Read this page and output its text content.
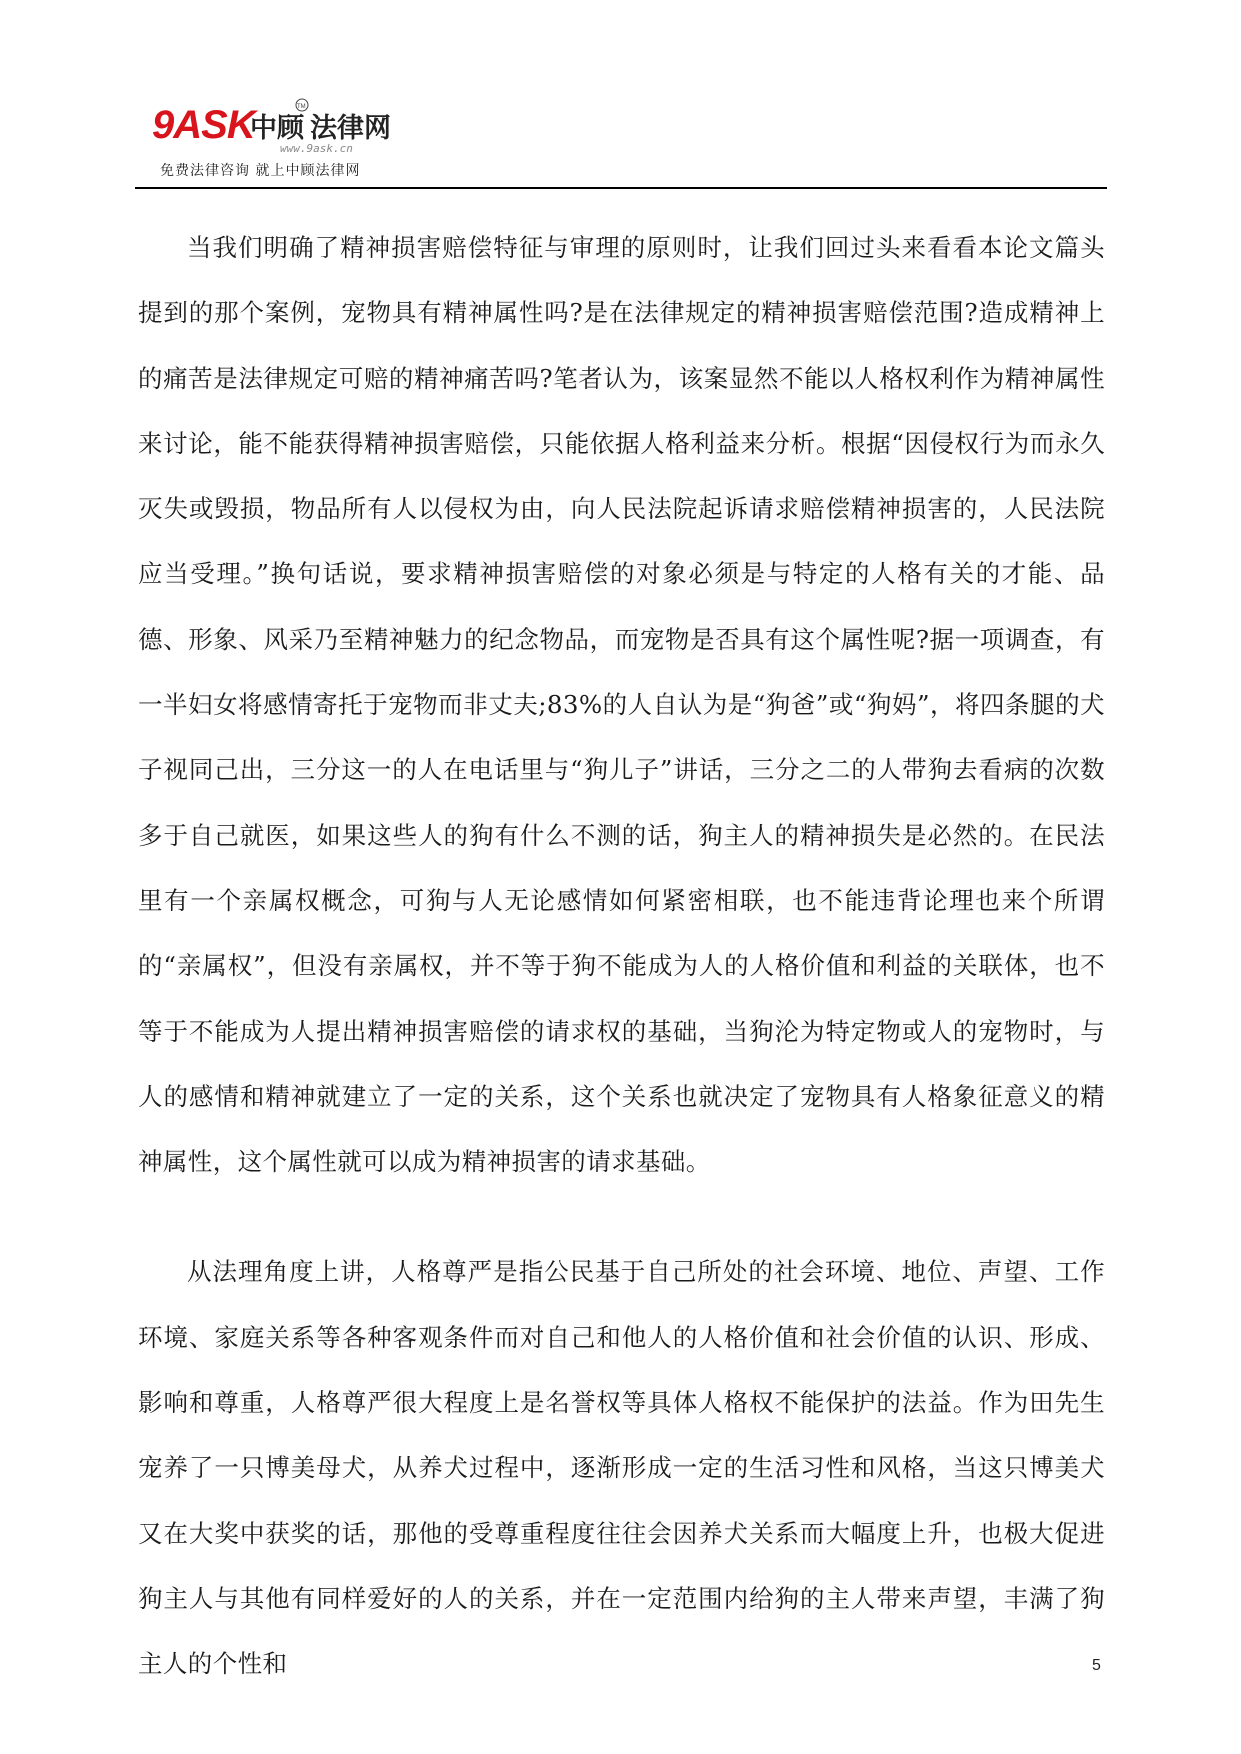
9ASK
中顾 法律网
TM
www.9ask.cn
免费法律咨询 就上中顾法律网

当我们明确了精神损害赔偿特征与审理的原则时，让我们回过头来看看本论文篇头提到的那个案例，宠物具有精神属性吗?是在法律规定的精神损害赔偿范围?造成精神上的痛苦是法律规定可赔的精神痛苦吗?笔者认为，该案显然不能以人格权利作为精神属性来讨论，能不能获得精神损害赔偿，只能依据人格利益来分析。根据“因侵权行为而永久灭失或毁损，物品所有人以侵权为由，向人民法院起诉请求赔偿精神损害的，人民法院应当受理。”换句话说，要求精神损害赔偿的对象必须是与特定的人格有关的才能、品德、形象、风采乃至精神魅力的纪念物品，而宠物是否具有这个属性呢?据一项调查，有一半妇女将感情寄托于宠物而非丈夫;83%的人自认为是“狗爸”或“狗妈”，将四条腿的犬子视同己出，三分这一的人在电话里与“狗儿子”讲话，三分之二的人带狗去看病的次数多于自己就医，如果这些人的狗有什么不测的话，狗主人的精神损失是必然的。在民法里有一个亲属权概念，可狗与人无论感情如何紧密相联，也不能违背论理也来个所谓的“亲属权”，但没有亲属权，并不等于狗不能成为人的人格价值和利益的关联体，也不等于不能成为人提出精神损害赔偿的请求权的基础，当狗沦为特定物或人的宠物时，与人的感情和精神就建立了一定的关系，这个关系也就决定了宠物具有人格象征意义的精神属性，这个属性就可以成为精神损害的请求基础。

从法理角度上讲，人格尊严是指公民基于自己所处的社会环境、地位、声望、工作环境、家庭关系等各种客观条件而对自己和他人的人格价值和社会价值的认识、形成、影响和尊重，人格尊严很大程度上是名誉权等具体人格权不能保护的法益。作为田先生宠养了一只博美母犬，从养犬过程中，逐渐形成一定的生活习性和风格，当这只博美犬又在大奖中获奖的话，那他的受尊重程度往往会因养犬关系而大幅度上升，也极大促进狗主人与其他有同样爱好的人的关系，并在一定范围内给狗的主人带来声望，丰满了狗主人的个性和	5
